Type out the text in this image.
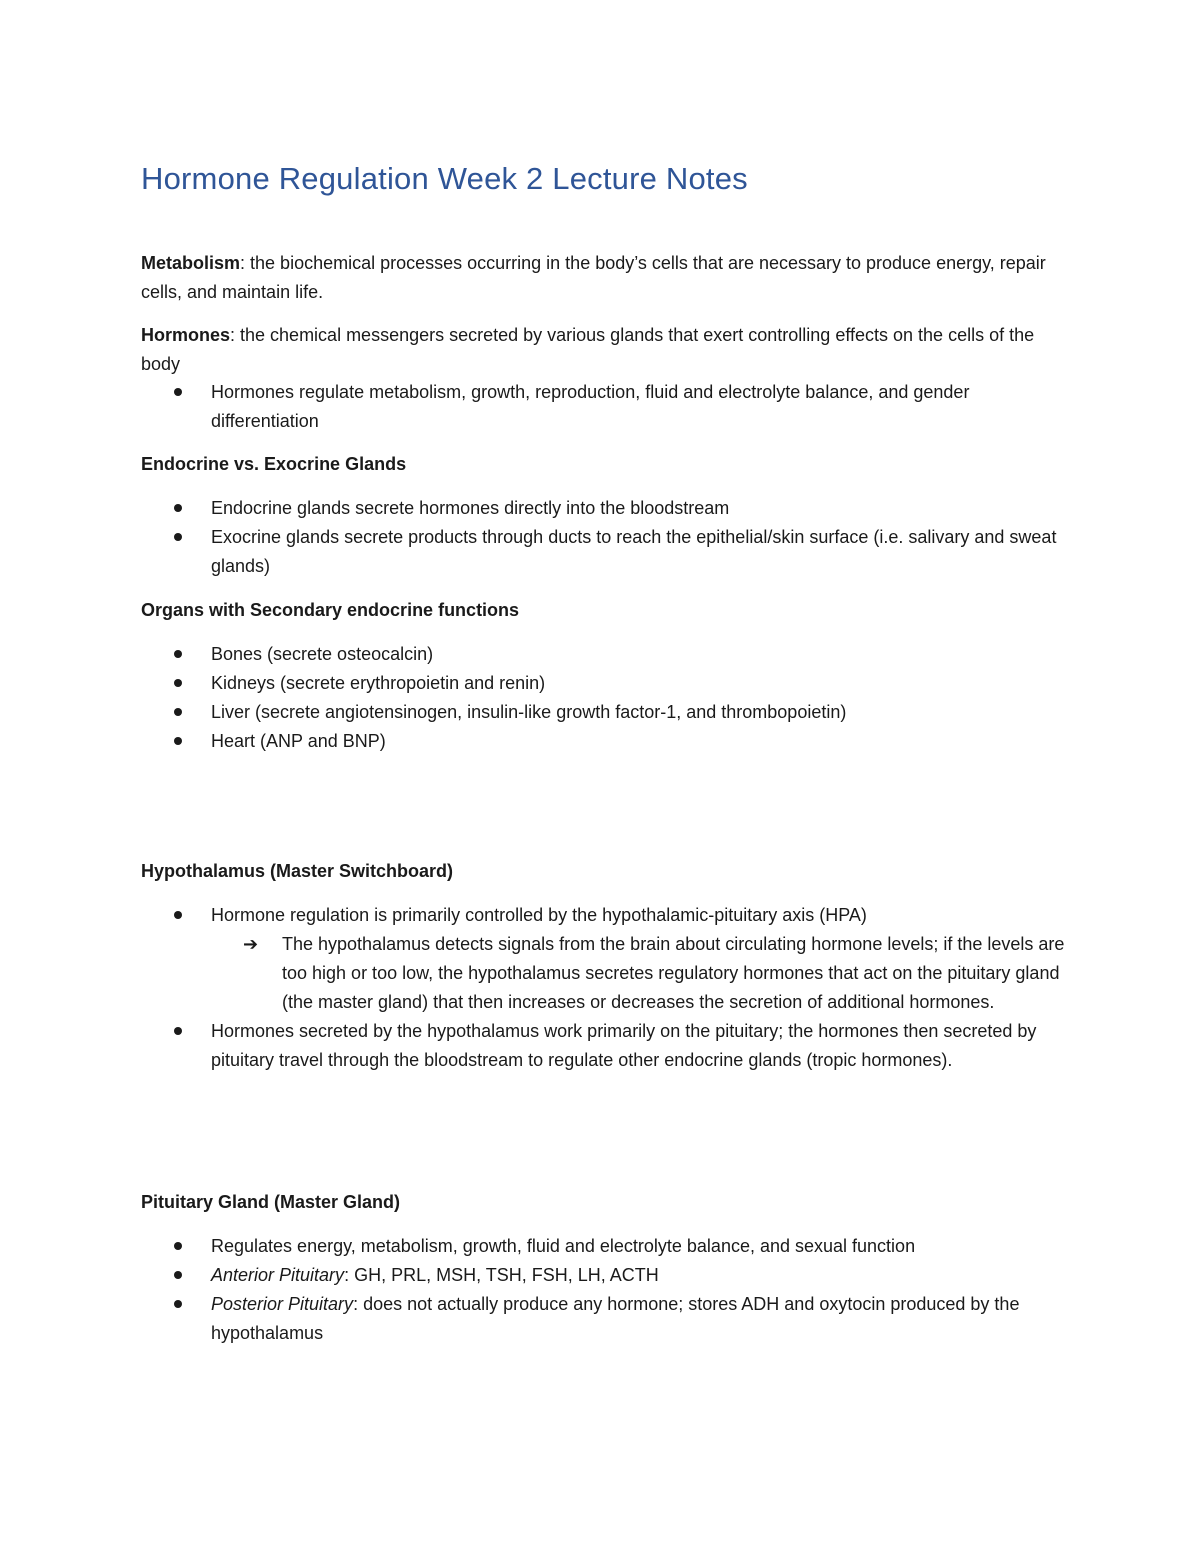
Hormone Regulation Week 2 Lecture Notes

Metabolism: the biochemical processes occurring in the body’s cells that are necessary to produce energy, repair cells, and maintain life.

Hormones: the chemical messengers secreted by various glands that exert controlling effects on the cells of the body

Hormones regulate metabolism, growth, reproduction, fluid and electrolyte balance, and gender differentiation
Endocrine vs. Exocrine Glands
Endocrine glands secrete hormones directly into the bloodstream
Exocrine glands secrete products through ducts to reach the epithelial/skin surface (i.e. salivary and sweat glands)
Organs with Secondary endocrine functions
Bones (secrete osteocalcin)
Kidneys (secrete erythropoietin and renin)
Liver (secrete angiotensinogen, insulin-like growth factor-1, and thrombopoietin)
Heart (ANP and BNP)
Hypothalamus (Master Switchboard)
Hormone regulation is primarily controlled by the hypothalamic-pituitary axis (HPA)
➔ The hypothalamus detects signals from the brain about circulating hormone levels; if the levels are too high or too low, the hypothalamus secretes regulatory hormones that act on the pituitary gland (the master gland) that then increases or decreases the secretion of additional hormones.
Hormones secreted by the hypothalamus work primarily on the pituitary; the hormones then secreted by pituitary travel through the bloodstream to regulate other endocrine glands (tropic hormones).
Pituitary Gland (Master Gland)
Regulates energy, metabolism, growth, fluid and electrolyte balance, and sexual function
Anterior Pituitary: GH, PRL, MSH, TSH, FSH, LH, ACTH
Posterior Pituitary: does not actually produce any hormone; stores ADH and oxytocin produced by the hypothalamus
